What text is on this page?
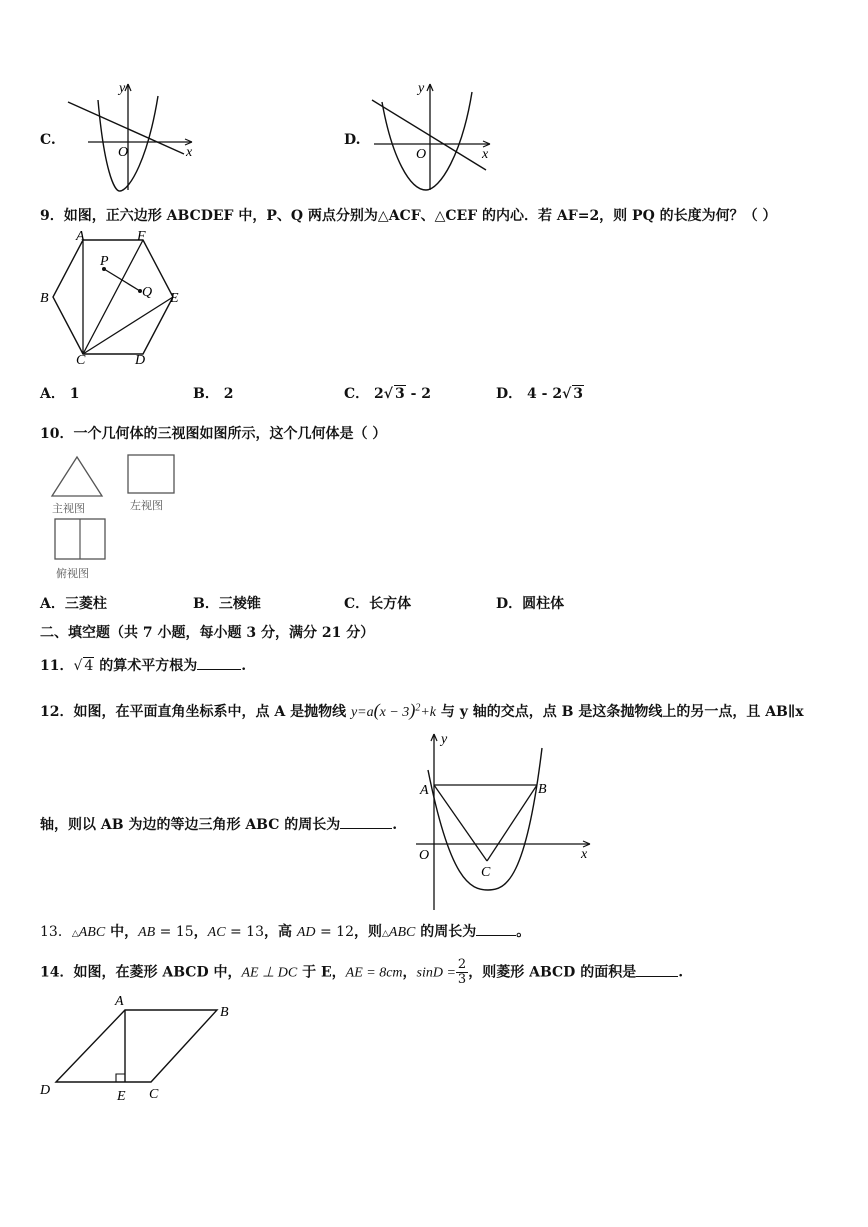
C.
y
x
O
D.
y
x
O
9．如图，正六边形 ABCDEF 中，P、Q 两点分别为△ACF、△CEF 的内心．若 AF=2，则 PQ 的长度为何？（ ）
A	F
B	E
C	D
P
Q
A． 1	B． 2	C． 2√ 3 - 2	D． 4 - 2√ 3
10．一个几何体的三视图如图所示，这个几何体是（ ）
主视图	左视图
俯视图
A．三菱柱	B．三棱锥	C．长方体	D．圆柱体
二、填空题（共 7 小题，每小题 3 分，满分 21 分）
11．√ 4 的算术平方根为	.
12．如图，在平面直角坐标系中，点 A 是抛物线 $y=a(x - 3)^2+k$ 与 y 轴的交点，点 B 是这条抛物线上的另一点，且 AB∥x
A	B
C
O	x
y
轴，则以 AB 为边的等边三角形 ABC 的周长为	.
13．△ABC 中，AB = 15，AC = 13，高 AD = 12，则△ABC 的周长为	。
14．如图，在菱形 ABCD 中，AE ⊥ DC 于 E，AE = 8cm，$\sin D = \frac{2}{3}$ ，则菱形 ABCD 的面积是	.
A
B
C
D	E
